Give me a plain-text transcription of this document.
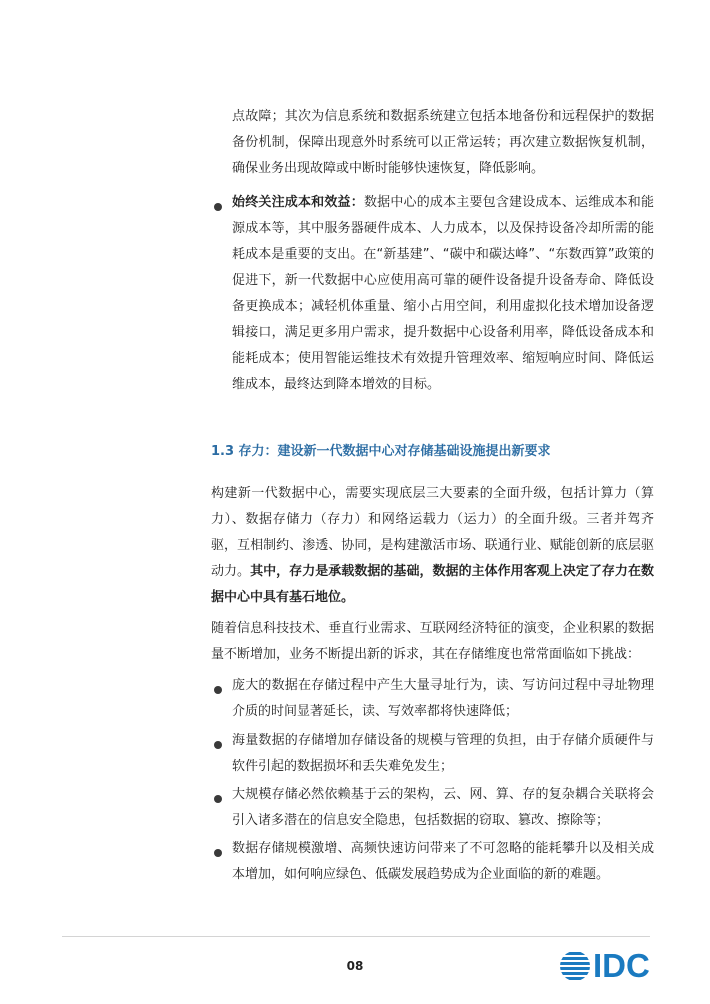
点故障；其次为信息系统和数据系统建立包括本地备份和远程保护的数据备份机制，保障出现意外时系统可以正常运转；再次建立数据恢复机制，确保业务出现故障或中断时能够快速恢复，降低影响。

始终关注成本和效益：数据中心的成本主要包含建设成本、运维成本和能源成本等，其中服务器硬件成本、人力成本，以及保持设备冷却所需的能耗成本是重要的支出。在“新基建”、“碳中和碳达峰”、“东数西算”政策的促进下，新一代数据中心应使用高可靠的硬件设备提升设备寿命、降低设备更换成本；减轻机体重量、缩小占用空间，利用虚拟化技术增加设备逻辑接口，满足更多用户需求，提升数据中心设备利用率，降低设备成本和能耗成本；使用智能运维技术有效提升管理效率、缩短响应时间、降低运维成本，最终达到降本增效的目标。

1.3 存力：建设新一代数据中心对存储基础设施提出新要求

构建新一代数据中心，需要实现底层三大要素的全面升级，包括计算力（算力）、数据存储力（存力）和网络运载力（运力）的全面升级。三者并驾齐驱，互相制约、渗透、协同，是构建激活市场、联通行业、赋能创新的底层驱动力。其中，存力是承载数据的基础，数据的主体作用客观上决定了存力在数据中心中具有基石地位。

随着信息科技技术、垂直行业需求、互联网经济特征的演变，企业积累的数据量不断增加，业务不断提出新的诉求，其在存储维度也常常面临如下挑战：

庞大的数据在存储过程中产生大量寻址行为，读、写访问过程中寻址物理介质的时间显著延长，读、写效率都将快速降低；

海量数据的存储增加存储设备的规模与管理的负担，由于存储介质硬件与软件引起的数据损坏和丢失难免发生；

大规模存储必然依赖基于云的架构，云、网、算、存的复杂耦合关联将会引入诸多潜在的信息安全隐患，包括数据的窃取、篡改、擦除等；

数据存储规模激增、高频快速访问带来了不可忽略的能耗攀升以及相关成本增加，如何响应绿色、低碳发展趋势成为企业面临的新的难题。

08	IDC
